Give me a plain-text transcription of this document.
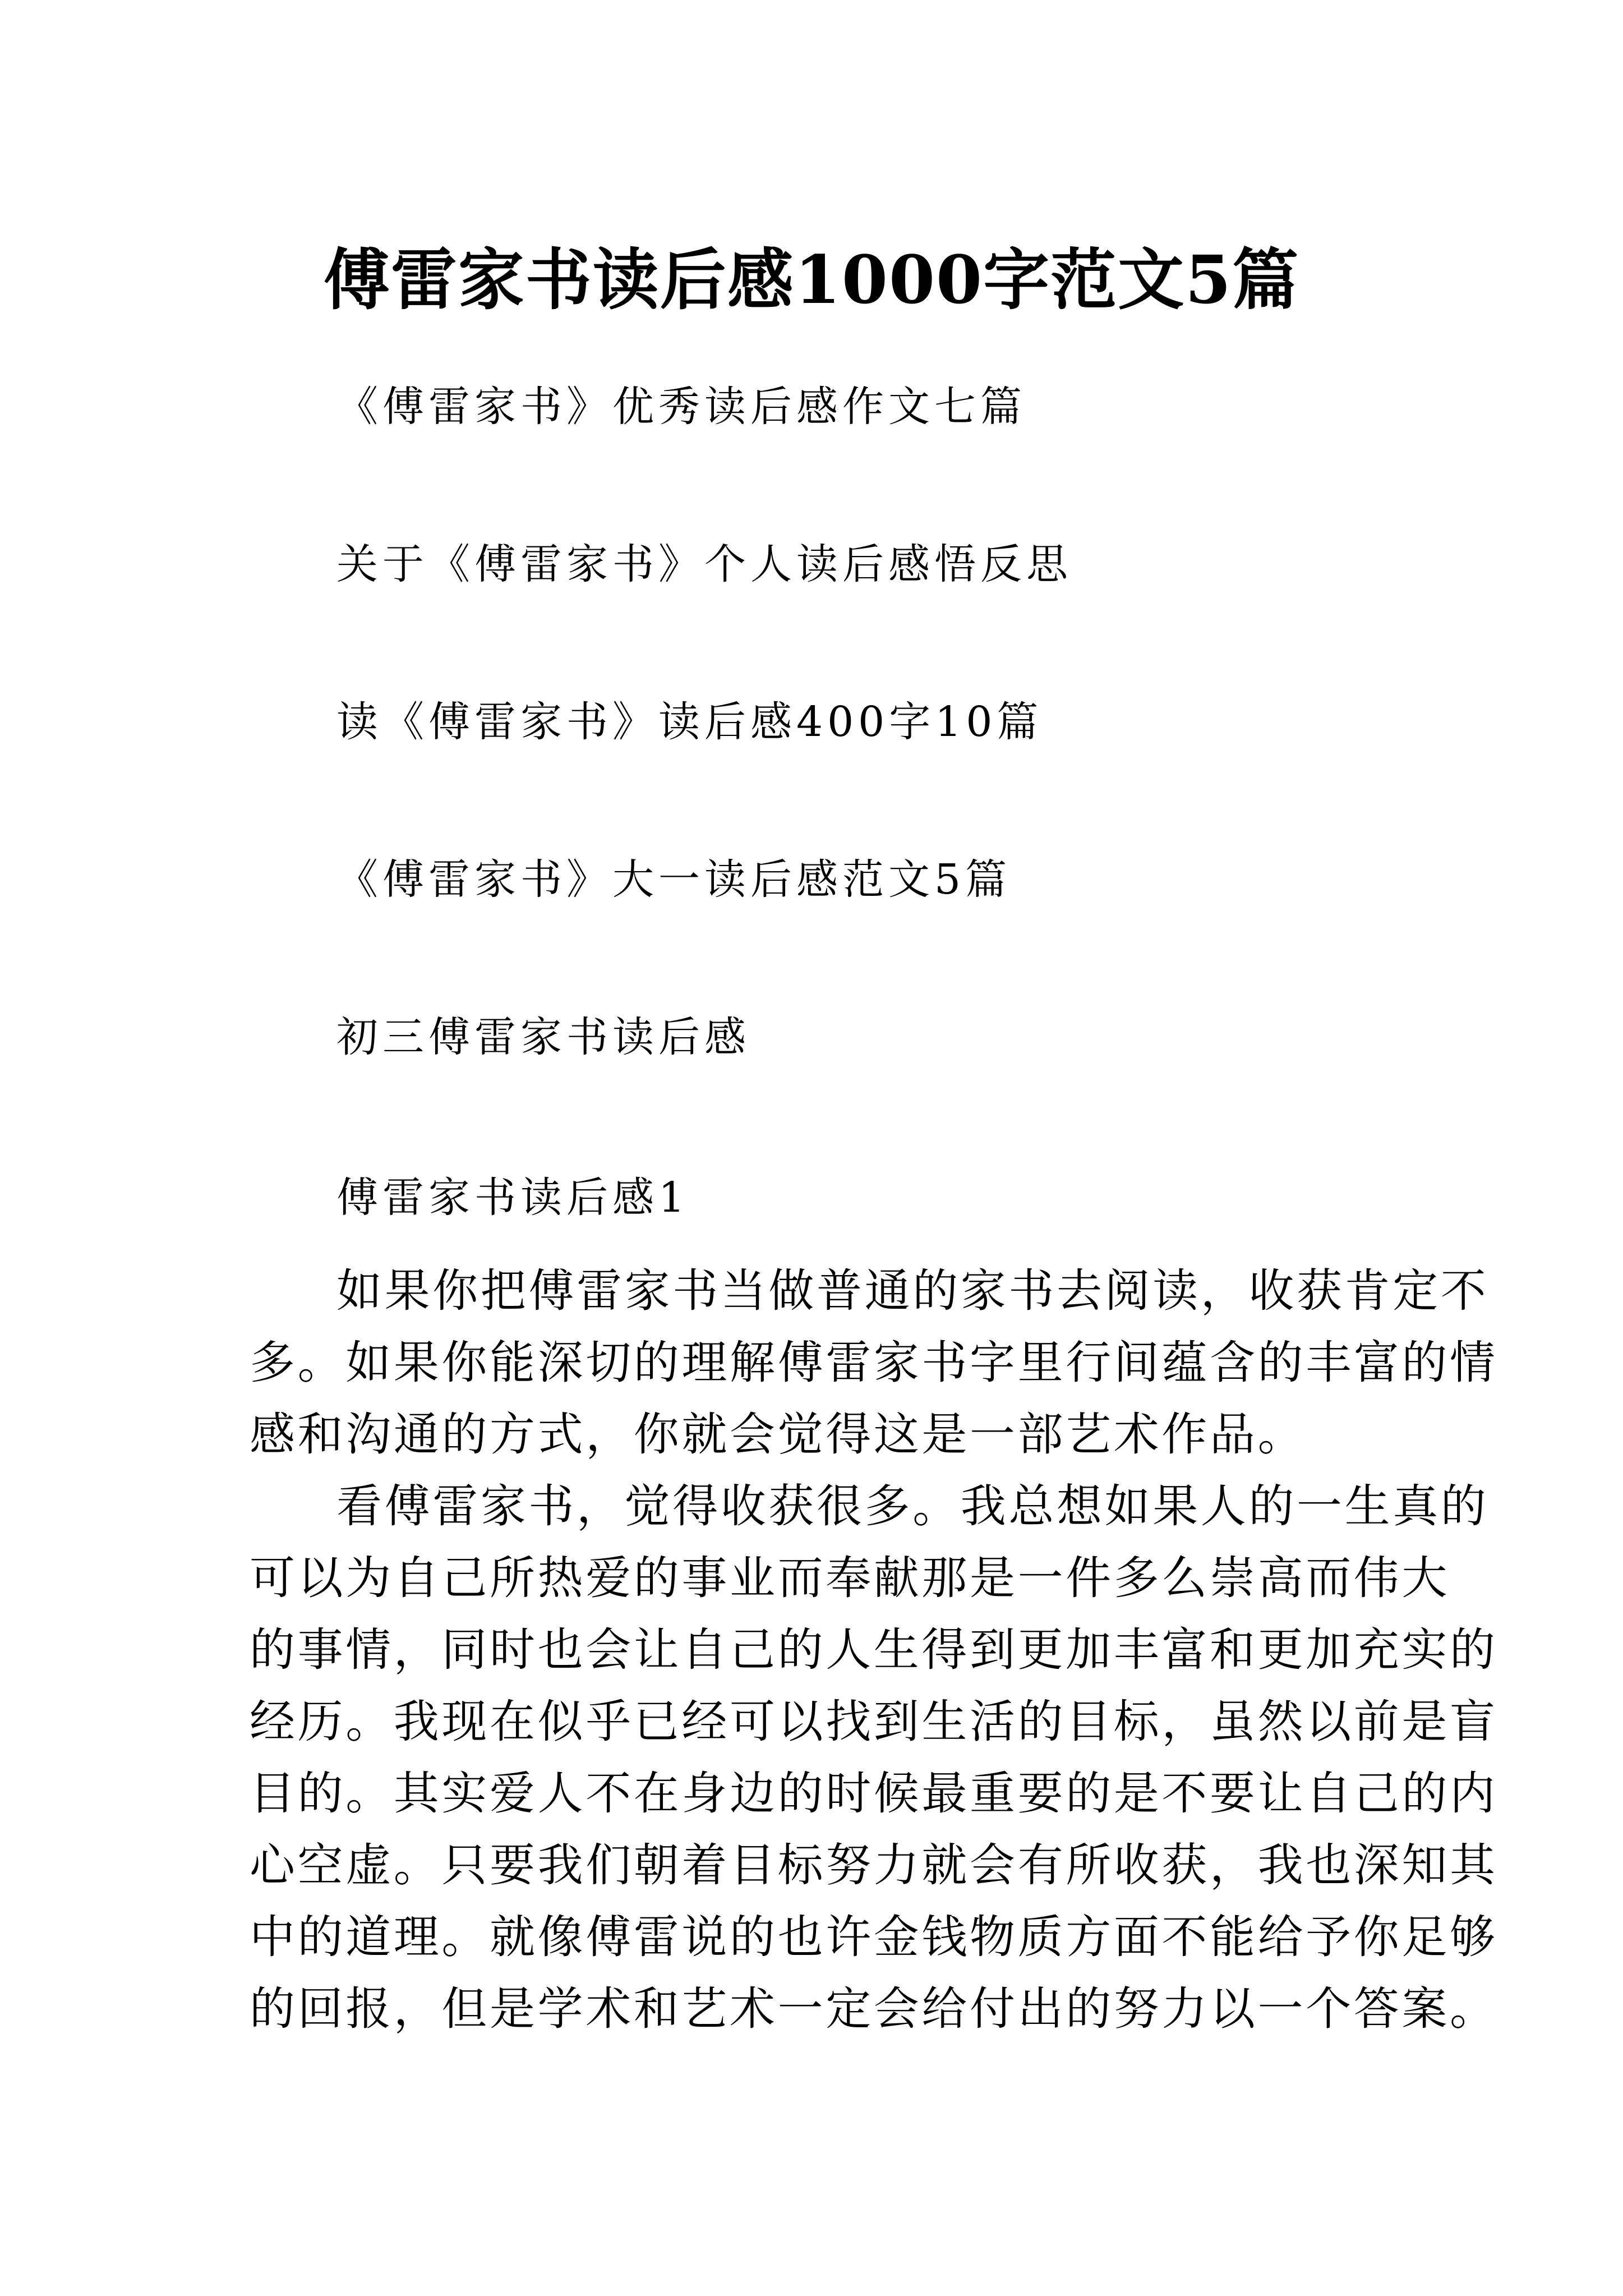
傅雷家书读后感1000字范文5篇
《傅雷家书》优秀读后感作文七篇
关于《傅雷家书》个人读后感悟反思
读《傅雷家书》读后感400字10篇
《傅雷家书》大一读后感范文5篇
初三傅雷家书读后感
傅雷家书读后感1
如果你把傅雷家书当做普通的家书去阅读，收获肯定不
多。如果你能深切的理解傅雷家书字里行间蕴含的丰富的情
感和沟通的方式，你就会觉得这是一部艺术作品。
看傅雷家书，觉得收获很多。我总想如果人的一生真的
可以为自己所热爱的事业而奉献那是一件多么崇高而伟大
的事情，同时也会让自己的人生得到更加丰富和更加充实的
经历。我现在似乎已经可以找到生活的目标，虽然以前是盲
目的。其实爱人不在身边的时候最重要的是不要让自己的内
心空虚。只要我们朝着目标努力就会有所收获，我也深知其
中的道理。就像傅雷说的也许金钱物质方面不能给予你足够
的回报，但是学术和艺术一定会给付出的努力以一个答案。
